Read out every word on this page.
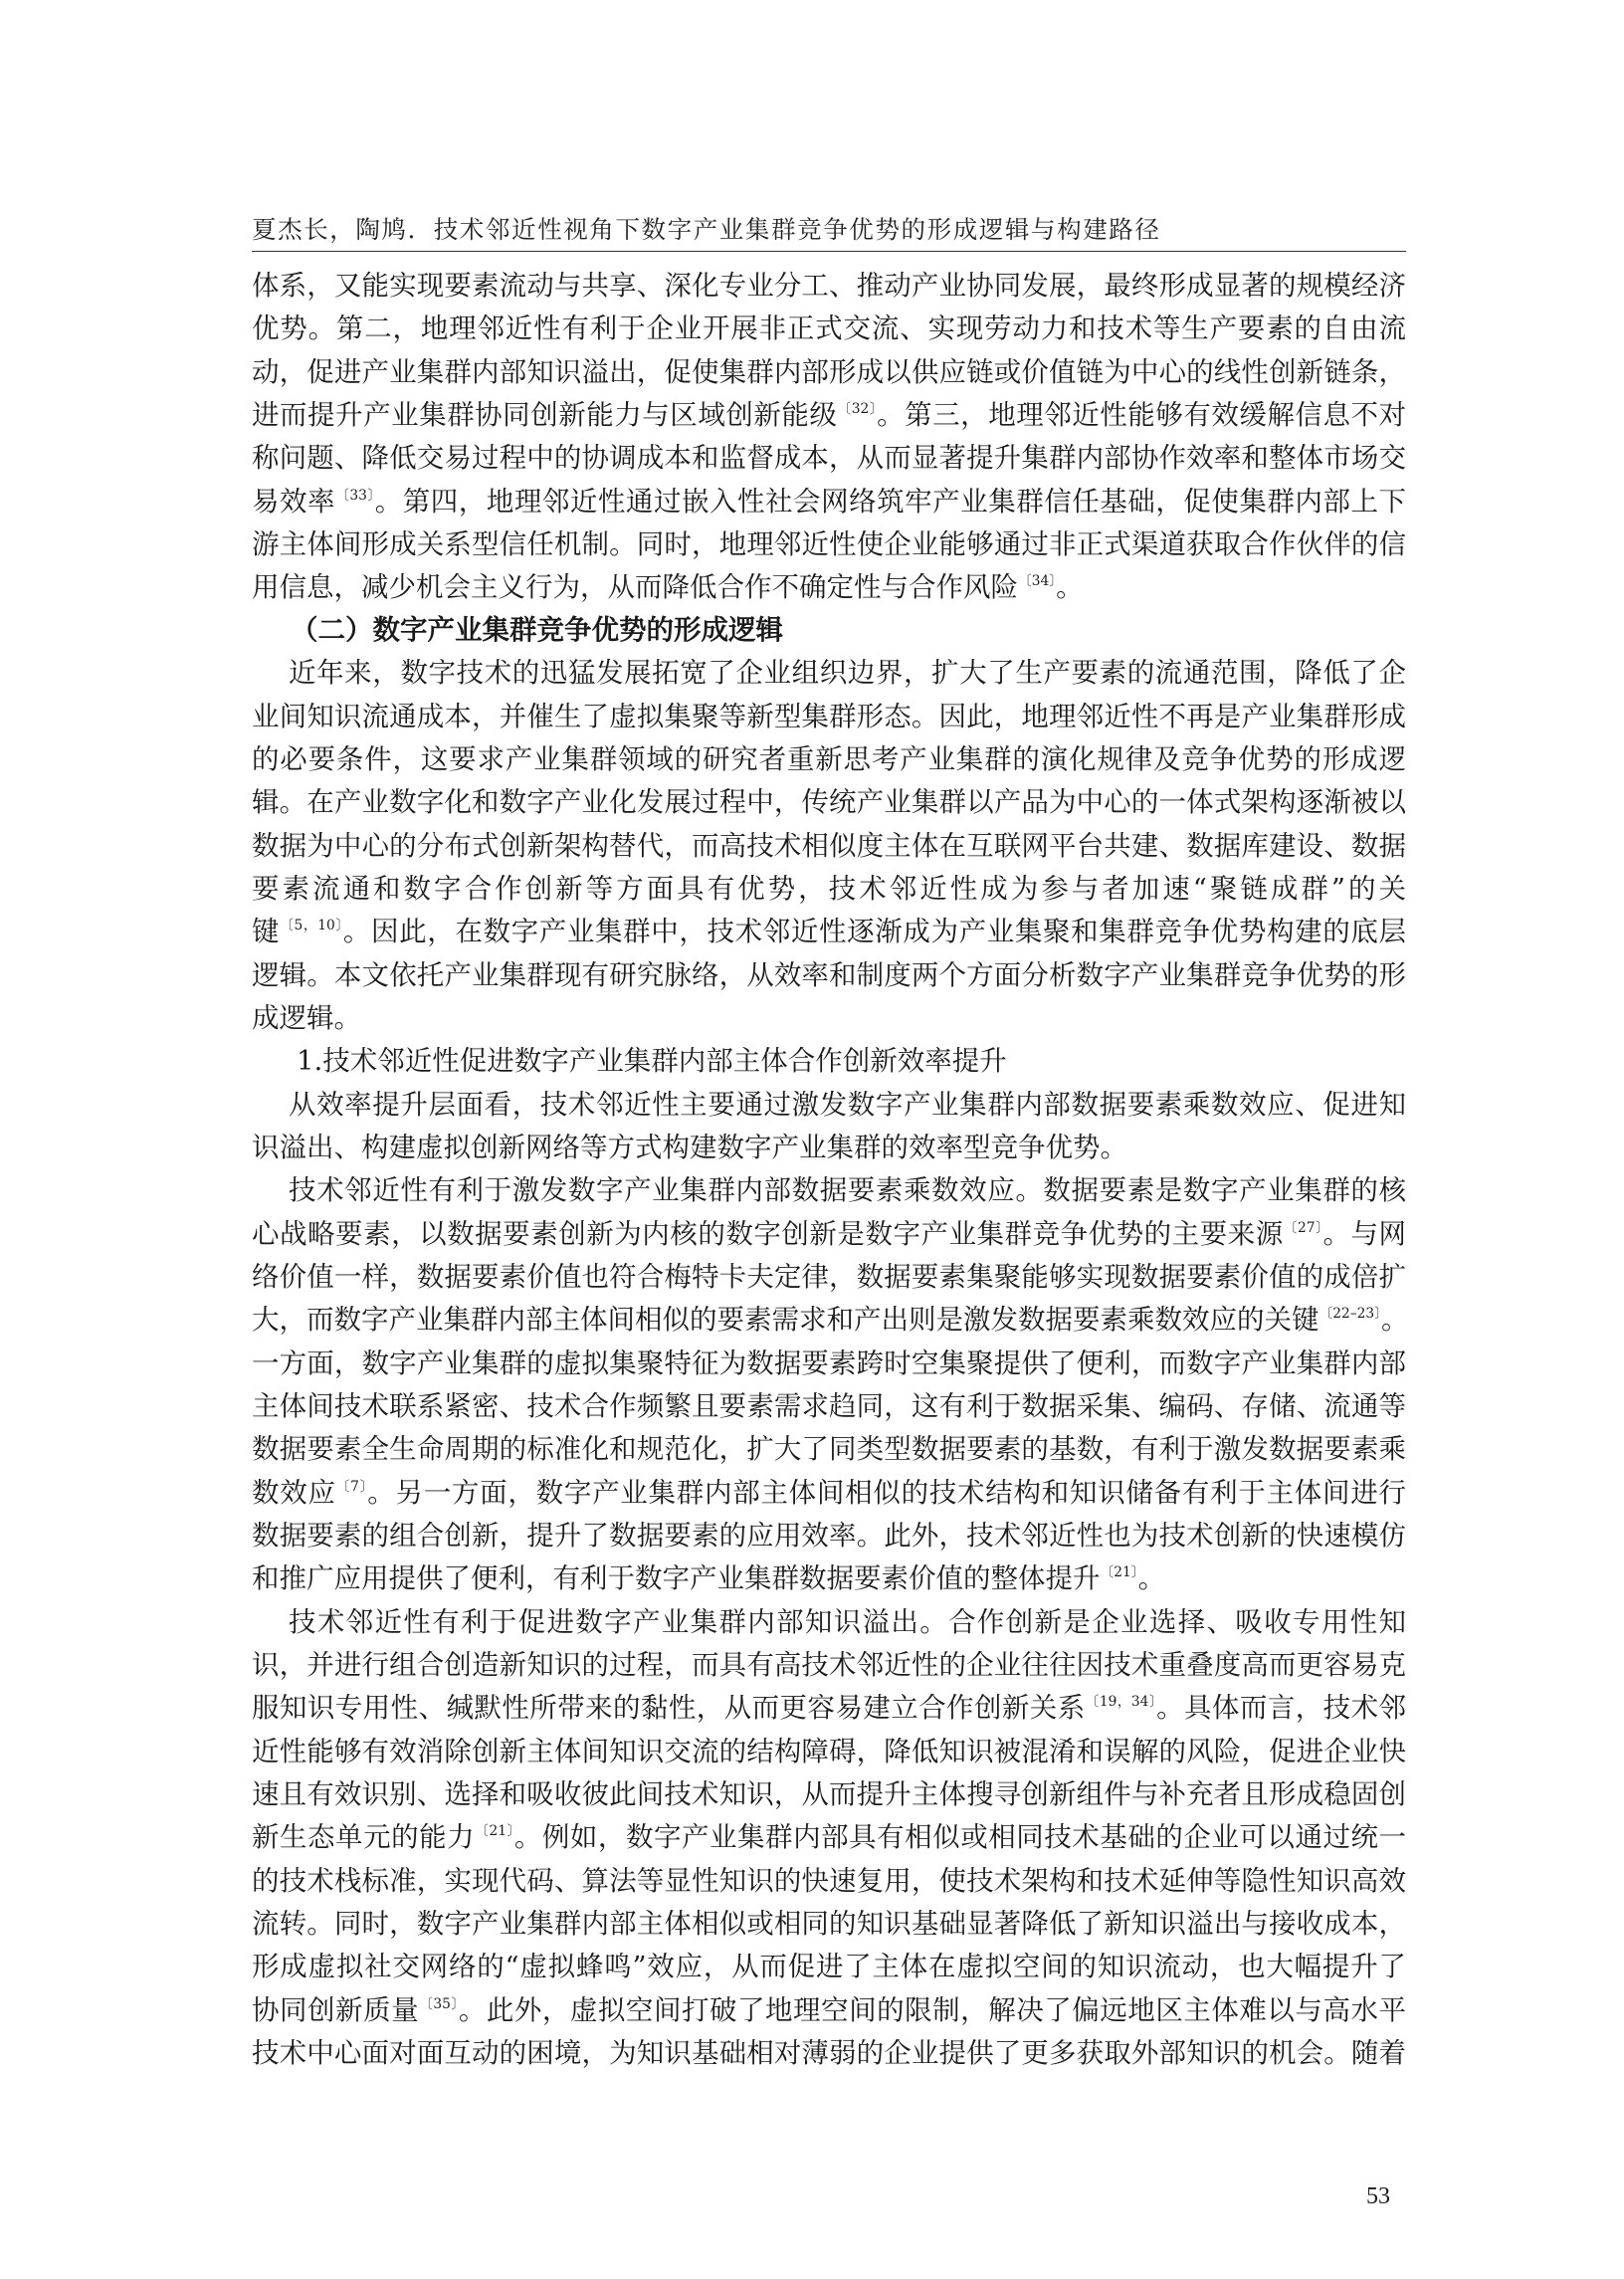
夏杰长，陶鸠．技术邻近性视角下数字产业集群竞争优势的形成逻辑与构建路径
体系，又能实现要素流动与共享、深化专业分工、推动产业协同发展，最终形成显著的规模经济
优势。第二，地理邻近性有利于企业开展非正式交流、实现劳动力和技术等生产要素的自由流
动，促进产业集群内部知识溢出，促使集群内部形成以供应链或价值链为中心的线性创新链条，
进而提升产业集群协同创新能力与区域创新能级$^{〔32〕}$。第三，地理邻近性能够有效缓解信息不对
称问题、降低交易过程中的协调成本和监督成本，从而显著提升集群内部协作效率和整体市场交
易效率$^{〔33〕}$。第四，地理邻近性通过嵌入性社会网络筑牢产业集群信任基础，促使集群内部上下
游主体间形成关系型信任机制。同时，地理邻近性使企业能够通过非正式渠道获取合作伙伴的信
用信息，减少机会主义行为，从而降低合作不确定性与合作风险$^{〔34〕}$。
（二）数字产业集群竞争优势的形成逻辑
近年来，数字技术的迅猛发展拓宽了企业组织边界，扩大了生产要素的流通范围，降低了企
业间知识流通成本，并催生了虚拟集聚等新型集群形态。因此，地理邻近性不再是产业集群形成
的必要条件，这要求产业集群领域的研究者重新思考产业集群的演化规律及竞争优势的形成逻
辑。在产业数字化和数字产业化发展过程中，传统产业集群以产品为中心的一体式架构逐渐被以
数据为中心的分布式创新架构替代，而高技术相似度主体在互联网平台共建、数据库建设、数据
要素流通和数字合作创新等方面具有优势，技术邻近性成为参与者加速“聚链成群”的关
键$^{〔5,10〕}$。因此，在数字产业集群中，技术邻近性逐渐成为产业集聚和集群竞争优势构建的底层
逻辑。本文依托产业集群现有研究脉络，从效率和制度两个方面分析数字产业集群竞争优势的形
成逻辑。
1.技术邻近性促进数字产业集群内部主体合作创新效率提升
从效率提升层面看，技术邻近性主要通过激发数字产业集群内部数据要素乘数效应、促进知
识溢出、构建虚拟创新网络等方式构建数字产业集群的效率型竞争优势。
技术邻近性有利于激发数字产业集群内部数据要素乘数效应。数据要素是数字产业集群的核
心战略要素，以数据要素创新为内核的数字创新是数字产业集群竞争优势的主要来源$^{〔27〕}$。与网
络价值一样，数据要素价值也符合梅特卡夫定律，数据要素集聚能够实现数据要素价值的成倍扩
大，而数字产业集群内部主体间相似的要素需求和产出则是激发数据要素乘数效应的关键$^{〔22-23〕}$。
一方面，数字产业集群的虚拟集聚特征为数据要素跨时空集聚提供了便利，而数字产业集群内部
主体间技术联系紧密、技术合作频繁且要素需求趋同，这有利于数据采集、编码、存储、流通等
数据要素全生命周期的标准化和规范化，扩大了同类型数据要素的基数，有利于激发数据要素乘
数效应$^{〔7〕}$。另一方面，数字产业集群内部主体间相似的技术结构和知识储备有利于主体间进行
数据要素的组合创新，提升了数据要素的应用效率。此外，技术邻近性也为技术创新的快速模仿
和推广应用提供了便利，有利于数字产业集群数据要素价值的整体提升$^{〔21〕}$。
技术邻近性有利于促进数字产业集群内部知识溢出。合作创新是企业选择、吸收专用性知
识，并进行组合创造新知识的过程，而具有高技术邻近性的企业往往因技术重叠度高而更容易克
服知识专用性、缄默性所带来的黏性，从而更容易建立合作创新关系$^{〔19,34〕}$。具体而言，技术邻
近性能够有效消除创新主体间知识交流的结构障碍，降低知识被混淆和误解的风险，促进企业快
速且有效识别、选择和吸收彼此间技术知识，从而提升主体搜寻创新组件与补充者且形成稳固创
新生态单元的能力$^{〔21〕}$。例如，数字产业集群内部具有相似或相同技术基础的企业可以通过统一
的技术栈标准，实现代码、算法等显性知识的快速复用，使技术架构和技术延伸等隐性知识高效
流转。同时，数字产业集群内部主体相似或相同的知识基础显著降低了新知识溢出与接收成本，
形成虚拟社交网络的“虚拟蜂鸣”效应，从而促进了主体在虚拟空间的知识流动，也大幅提升了
协同创新质量$^{〔35〕}$。此外，虚拟空间打破了地理空间的限制，解决了偏远地区主体难以与高水平
技术中心面对面互动的困境，为知识基础相对薄弱的企业提供了更多获取外部知识的机会。随着
53
